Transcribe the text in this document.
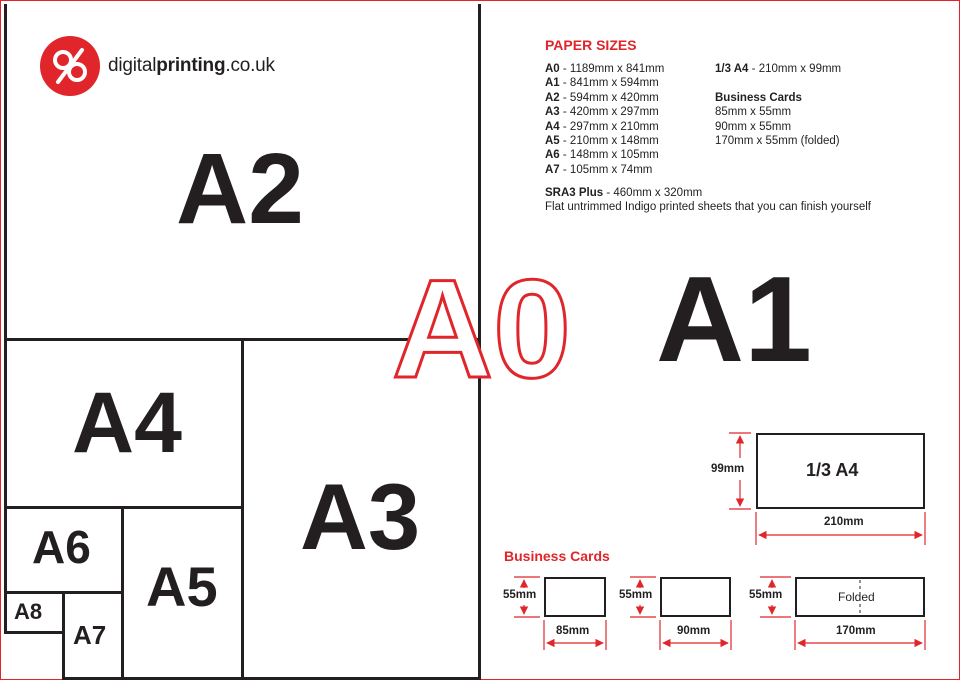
A2
A1
A4
A3
A6
A5
A7
A8
A0
digitalprinting.co.uk
PAPER SIZES
A0 - 1189mm x 841mm
A1 - 841mm x 594mm
A2 - 594mm x 420mm
A3 - 420mm x 297mm
A4 - 297mm x 210mm
A5 - 210mm x 148mm
A6 - 148mm x 105mm
A7 - 105mm x 74mm
1/3 A4 - 210mm x 99mm
Business Cards
85mm x 55mm
90mm x 55mm
170mm x 55mm (folded)
SRA3 Plus - 460mm x 320mm
Flat untrimmed Indigo printed sheets that you can finish yourself
1/3 A4
99mm
210mm
Business Cards
55mm	55mm	55mm
85mm	90mm	170mm
Folded
